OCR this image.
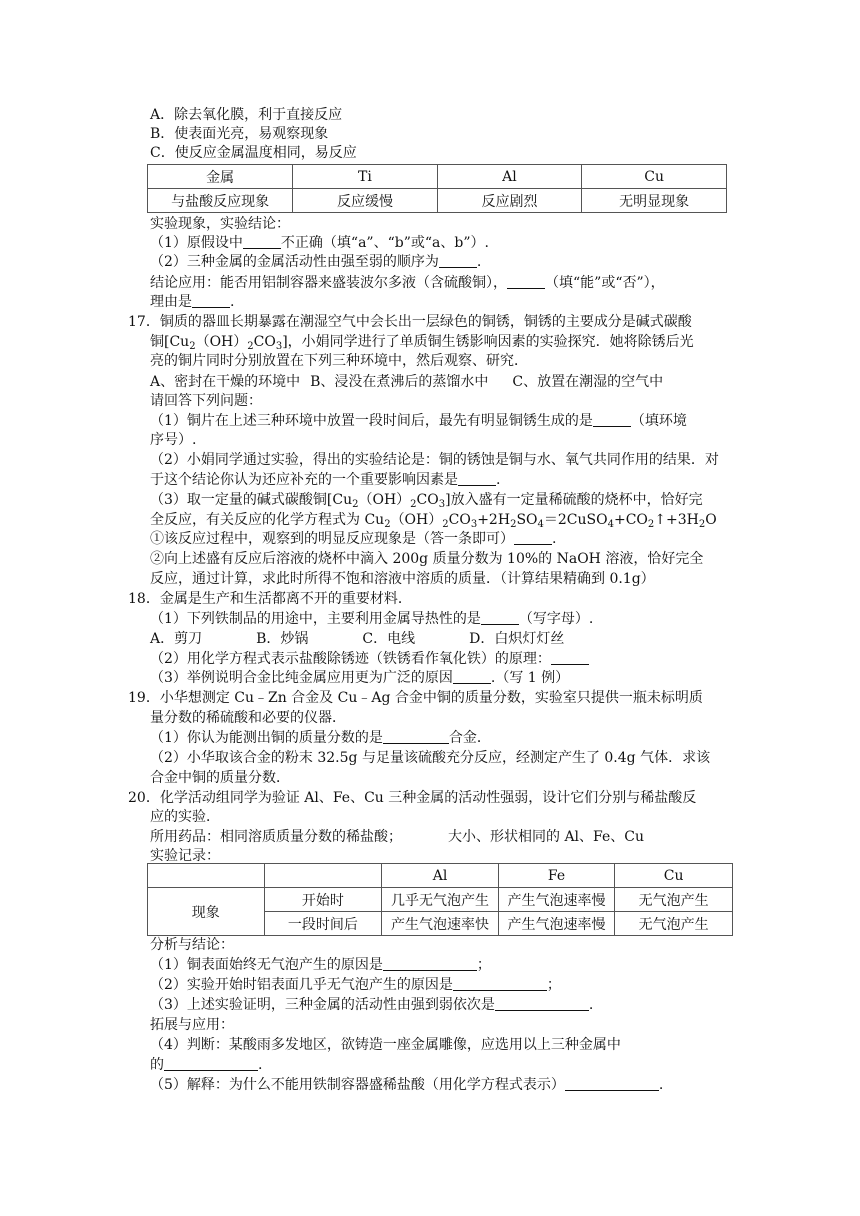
A．除去氧化膜，利于直接反应
B．使表面光亮，易观察现象
C．使反应金属温度相同，易反应
金属	Ti	Al	Cu
与盐酸反应现象	反应缓慢	反应剧烈	无明显现象
实验现象，实验结论：
（1）原假设中	不正确（填“a”、“b”或“a、b”）.
（2）三种金属的金属活动性由强至弱的顺序为	.
结论应用：能否用铝制容器来盛装波尔多液（含硫酸铜），	（填“能”或“否”），
理由是	.
17．铜质的器皿长期暴露在潮湿空气中会长出一层绿色的铜锈，铜锈的主要成分是碱式碳酸
铜$[Cu_2(OH)_2CO_3]$，小娟同学进行了单质铜生锈影响因素的实验探究．她将除锈后光
亮的铜片同时分别放置在下列三种环境中，然后观察、研究．
A、密封在干燥的环境中 B、浸没在煮沸后的蒸馏水中 C、放置在潮湿的空气中
请回答下列问题：
（1）铜片在上述三种环境中放置一段时间后，最先有明显铜锈生成的是	（填环境
序号）.
（2）小娟同学通过实验，得出的实验结论是：铜的锈蚀是铜与水、氧气共同作用的结果．对
于这个结论你认为还应补充的一个重要影响因素是	.
（3）取一定量的碱式碳酸铜$[Cu_2(OH)_2CO_3]$放入盛有一定量稀硫酸的烧杯中，恰好完
全反应，有关反应的化学方程式为 $Cu_2(OH)_2CO_3+2H_2SO_4=2CuSO_4+CO_2↑+3H_2O$
①该反应过程中，观察到的明显反应现象是（答一条即可）	.
②向上述盛有反应后溶液的烧杯中滴入 200g 质量分数为 10%的 NaOH 溶液，恰好完全
反应，通过计算，求此时所得不饱和溶液中溶质的质量．（计算结果精确到 0.1g）
18．金属是生产和生活都离不开的重要材料．
（1）下列铁制品的用途中，主要利用金属导热性的是	（写字母）.
A．剪刀	B．炒锅	C．电线	D．白炽灯灯丝
（2）用化学方程式表示盐酸除锈迹（铁锈看作氧化铁）的原理：
（3）举例说明合金比纯金属应用更为广泛的原因	.（写 1 例）
19．小华想测定 Cu﹣Zn 合金及 Cu﹣Ag 合金中铜的质量分数，实验室只提供一瓶未标明质
量分数的稀硫酸和必要的仪器．
（1）你认为能测出铜的质量分数的是	合金．
（2）小华取该合金的粉末 32.5g 与足量该硫酸充分反应，经测定产生了 0.4g 气体．求该
合金中铜的质量分数．
20．化学活动组同学为验证 Al、Fe、Cu 三种金属的活动性强弱，设计它们分别与稀盐酸反
应的实验．
所用药品：相同溶质质量分数的稀盐酸；	大小、形状相同的 Al、Fe、Cu
实验记录：
		Al	Fe	Cu
现象	开始时	几乎无气泡产生	产生气泡速率慢	无气泡产生
	一段时间后	产生气泡速率快	产生气泡速率慢	无气泡产生
分析与结论：
（1）铜表面始终无气泡产生的原因是	；
（2）实验开始时铝表面几乎无气泡产生的原因是	；
（3）上述实验证明，三种金属的活动性由强到弱依次是	.
拓展与应用：
（4）判断：某酸雨多发地区，欲铸造一座金属雕像，应选用以上三种金属中
的	.
（5）解释：为什么不能用铁制容器盛稀盐酸（用化学方程式表示）	.
